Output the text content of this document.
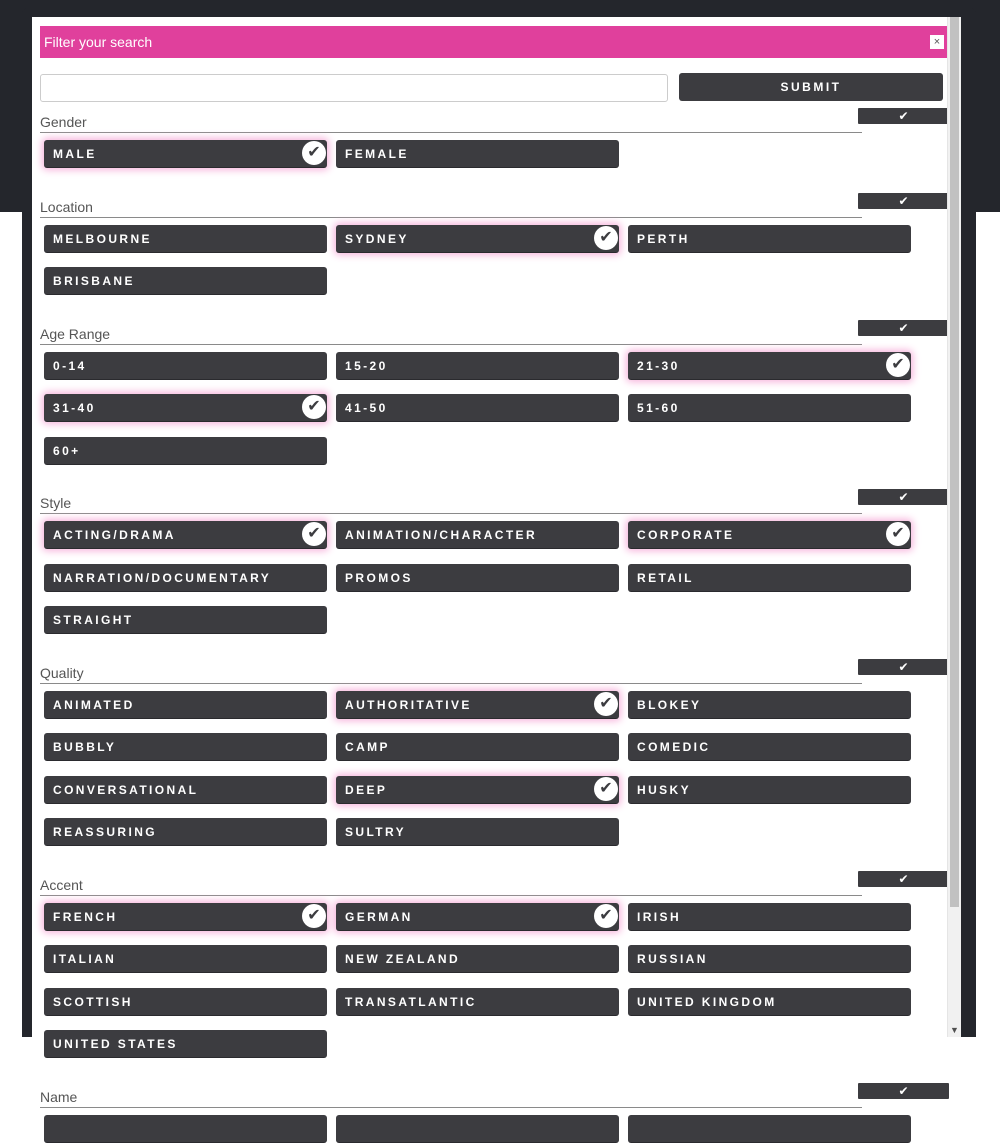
Filter your search	×
SUBMIT
Gender	✔
MALE	✔	FEMALE
Location	✔
MELBOURNE	SYDNEY	✔	PERTH
BRISBANE
Age Range	✔
0-14	15-20	21-30	✔
31-40	✔	41-50	51-60
60+
Style	✔
ACTING/DRAMA	✔	ANIMATION/CHARACTER	CORPORATE	✔
NARRATION/DOCUMENTARY	PROMOS	RETAIL
STRAIGHT
Quality	✔
ANIMATED	AUTHORITATIVE	✔	BLOKEY
BUBBLY	CAMP	COMEDIC
CONVERSATIONAL	DEEP	✔	HUSKY
REASSURING	SULTRY
Accent	✔
FRENCH	✔	GERMAN	✔	IRISH
ITALIAN	NEW ZEALAND	RUSSIAN
SCOTTISH	TRANSATLANTIC	UNITED KINGDOM
UNITED STATES
Name	✔
▼
